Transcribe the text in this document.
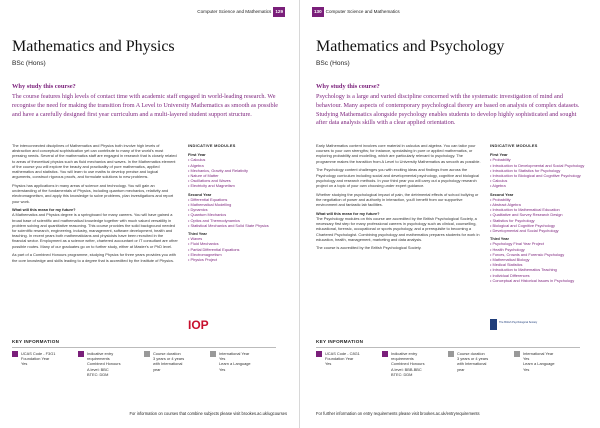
Computer Science and Mathematics 129
Mathematics and Physics
BSc (Hons)
Why study this course?
The course features high levels of contact time with academic staff engaged in world-leading research. We recognise the need for making the transition from A Level to University Mathematics as smooth as possible and have a carefully designed first year curriculum and a multi-layered student support structure.

The interconnected disciplines of Mathematics and Physics both involve high levels of abstraction and conceptual sophistication yet can contribute to many of the world's most pressing needs. Several of the mathematics staff are engaged in research that is closely related to areas of theoretical physics such as fluid mechanics and waves. In the Mathematics element of the course you will explore the beauty and practicality of pure mathematics, applied mathematics and statistics. You will learn to use maths to develop precise and logical arguments, construct rigorous proofs, and formulate solutions to new problems.

Physics has applications in many areas of science and technology. You will gain an understanding of the fundamentals of Physics, including quantum mechanics, relativity and electromagnetism, and apply this knowledge to solve problems, plan investigations and report your work.

What will this mean for my future?

A Mathematics and Physics degree is a springboard for many careers. You will have gained a broad base of scientific and mathematical knowledge together with much valued versatility in problem solving and quantitative reasoning. This course provides the solid background needed for scientific research, engineering, industry, management, software development, health and teaching. In recent years both mathematicians and physicists have been recruited in the financial sector. Employment as a science writer, chartered accountant or IT consultant are other possible routes. Many of our graduates go on to further study, either at Master's or PhD level.

As part of a Combined Honours programme, studying Physics for three years provides you with the core knowledge and skills leading to a degree that is accredited by the Institute of Physics.

INDICATIVE MODULES
First Year
• Calculus
• Algebra
• Mechanics, Gravity and Relativity
• Nature of Matter
• Oscillations and Waves
• Electricity and Magnetism
Second Year
• Differential Equations
• Mathematical Modelling
• Dynamics
• Quantum Mechanics
• Optics and Thermodynamics
• Statistical Mechanics and Solid State Physics
Third Year
• Waves
• Fluid Mechanics
• Partial Differential Equations
• Electromagnetism
• Physics Project
IOP
KEY INFORMATION
UCAS Code - F3G1
Foundation Year
Yes
Indicative entry
requirements
Combined Honours
A level: BBC
BTEC: DDM
Course duration
3 years or 4 years
with International
year
International Year
Yes
Learn a Language
Yes
For information on courses that combine subjects please visit brookes.ac.uk/ugcourses
130 Computer Science and Mathematics
Mathematics and Psychology
BSc (Hons)
Why study this course?
Psychology is a large and varied discipline concerned with the systematic investigation of mind and behaviour. Many aspects of contemporary psychological theory are based on analysis of complex datasets. Studying Mathematics alongside psychology enables students to develop highly sophisticated and sought after data analysis skills with a clear applied orientation.

Early Mathematics content involves core material in calculus and algebra. You can tailor your courses to your own strengths; for instance, specialising in pure or applied mathematics, or exploring probability and modelling, which are particularly relevant to psychology. The programme makes the transition from A Level to University Mathematics as smooth as possible.

The Psychology content challenges you with exciting ideas and findings from across the Psychology curriculum including social and developmental psychology, cognitive and biological psychology and research methods. In your third year you will carry out a psychology research project on a topic of your own choosing under expert guidance.

Whether studying the psychological impact of pain, the detrimental effects of school bullying or the negotiation of power and authority in interaction, you'll benefit from our supportive environment and fantastic lab facilities.

What will this mean for my future?

The Psychology modules on this course are accredited by the British Psychological Society, a necessary first step for many professional careers in psychology such as clinical, counselling, educational, forensic, occupational or sports psychology, and a prerequisite to becoming a Chartered Psychologist. Combining psychology and mathematics prepares students for work in education, health, management, marketing and data analysis.

The course is accredited by the British Psychological Society.

INDICATIVE MODULES
First Year
• Probability
• Introduction to Developmental and Social Psychology
• Introduction to Statistics for Psychology
• Introduction to Biological and Cognitive Psychology
• Calculus
• Algebra
Second Year
• Probability
• Abstract Algebra
• Introduction to Mathematical Education
• Qualitative and Survey Research Design
• Statistics for Psychology
• Biological and Cognitive Psychology
• Developmental and Social Psychology
Third Year
• Psychology Final Year Project
• Health Psychology
• Forces, Crowds and Forensic Psychology
• Mathematical Biology
• Medical Statistics
• Introduction to Mathematics Teaching
• Individual Differences
• Conceptual and Historical Issues in Psychology
The British Psychological Society
KEY INFORMATION
UCAS Code - C8G1
Foundation Year
Yes
Indicative entry
requirements
Combined Honours
A level: BBB-BBC
BTEC: DDM
Course duration
3 years or 4 years
with International
year
International Year
Yes
Learn a Language
Yes
For further information on entry requirements please visit brookes.ac.uk/entryrequirements
